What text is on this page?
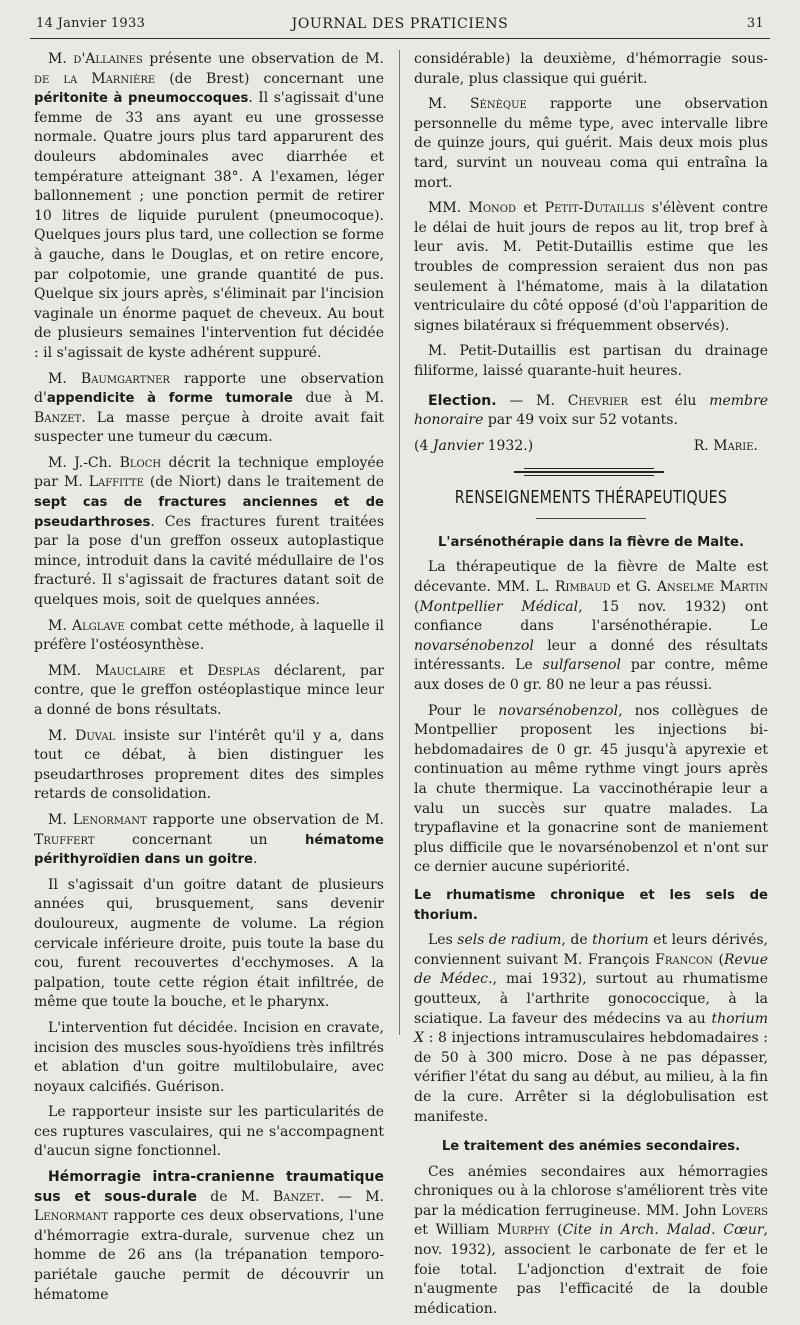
14 Janvier 1933	JOURNAL DES PRATICIENS	31

M. d'Allaines présente une observation de M. de la Marnière (de Brest) concernant une péritonite à pneumoccoques. Il s'agissait d'une femme de 33 ans ayant eu une grossesse normale. Quatre jours plus tard apparurent des douleurs abdominales avec diarrhée et température atteignant 38°. A l'examen, léger ballonnement ; une ponction permit de retirer 10 litres de liquide purulent (pneumocoque). Quelques jours plus tard, une collection se forme à gauche, dans le Douglas, et on retire encore, par colpotomie, une grande quantité de pus. Quelque six jours après, s'éliminait par l'incision vaginale un énorme paquet de cheveux. Au bout de plusieurs semaines l'intervention fut décidée : il s'agissait de kyste adhérent suppuré.

M. Baumgartner rapporte une observation d'appendicite à forme tumorale due à M. Banzet. La masse perçue à droite avait fait suspecter une tumeur du cæcum.

M. J.-Ch. Bloch décrit la technique employée par M. Laffitte (de Niort) dans le traitement de sept cas de fractures anciennes et de pseudarthroses. Ces fractures furent traitées par la pose d'un greffon osseux autoplastique mince, introduit dans la cavité médullaire de l'os fracturé. Il s'agissait de fractures datant soit de quelques mois, soit de quelques années.

M. Alglave combat cette méthode, à laquelle il préfère l'ostéosynthèse.

MM. Mauclaire et Desplas déclarent, par contre, que le greffon ostéoplastique mince leur a donné de bons résultats.

M. Duval insiste sur l'intérêt qu'il y a, dans tout ce débat, à bien distinguer les pseudarthroses proprement dites des simples retards de consolidation.

M. Lenormant rapporte une observation de M. Truffert concernant un hématome périthyroïdien dans un goitre.

Il s'agissait d'un goitre datant de plusieurs années qui, brusquement, sans devenir douloureux, augmente de volume. La région cervicale inférieure droite, puis toute la base du cou, furent recouvertes d'ecchymoses. A la palpation, toute cette région était infiltrée, de même que toute la bouche, et le pharynx.

L'intervention fut décidée. Incision en cravate, incision des muscles sous-hyoïdiens très infiltrés et ablation d'un goitre multilobulaire, avec noyaux calcifiés. Guérison.

Le rapporteur insiste sur les particularités de ces ruptures vasculaires, qui ne s'accompagnent d'aucun signe fonctionnel.

Hémorragie intra-cranienne traumatique sus et sous-durale de M. Banzet. — M. Lenormant rapporte ces deux observations, l'une d'hémorragie extra-durale, survenue chez un homme de 26 ans (la trépanation temporo-pariétale gauche permit de découvrir un hématome

considérable) la deuxième, d'hémorragie sous-durale, plus classique qui guérit.

M. Sénèque rapporte une observation personnelle du même type, avec intervalle libre de quinze jours, qui guérit. Mais deux mois plus tard, survint un nouveau coma qui entraîna la mort.

MM. Monod et Petit-Dutaillis s'élèvent contre le délai de huit jours de repos au lit, trop bref à leur avis. M. Petit-Dutaillis estime que les troubles de compression seraient dus non pas seulement à l'hématome, mais à la dilatation ventriculaire du côté opposé (d'où l'apparition de signes bilatéraux si fréquemment observés).

M. Petit-Dutaillis est partisan du drainage filiforme, laissé quarante-huit heures.

Election. — M. Chevrier est élu membre honoraire par 49 voix sur 52 votants.

(4 Janvier 1932.)	R. Marie.

RENSEIGNEMENTS THÉRAPEUTIQUES

L'arsénothérapie dans la fièvre de Malte.

La thérapeutique de la fièvre de Malte est décevante. MM. L. Rimbaud et G. Anselme Martin (Montpellier Médical, 15 nov. 1932) ont confiance dans l'arsénothérapie. Le novarsénobenzol leur a donné des résultats intéressants. Le sulfarsenol par contre, même aux doses de 0 gr. 80 ne leur a pas réussi.

Pour le novarsénobenzol, nos collègues de Montpellier proposent les injections bi-hebdomadaires de 0 gr. 45 jusqu'à apyrexie et continuation au même rythme vingt jours après la chute thermique. La vaccinothérapie leur a valu un succès sur quatre malades. La trypaflavine et la gonacrine sont de maniement plus difficile que le novarsénobenzol et n'ont sur ce dernier aucune supériorité.

Le rhumatisme chronique et les sels de thorium.

Les sels de radium, de thorium et leurs dérivés, conviennent suivant M. François Francon (Revue de Médec., mai 1932), surtout au rhumatisme goutteux, à l'arthrite gonococcique, à la sciatique. La faveur des médecins va au thorium X : 8 injections intramusculaires hebdomadaires : de 50 à 300 micro. Dose à ne pas dépasser, vérifier l'état du sang au début, au milieu, à la fin de la cure. Arrêter si la déglobulisation est manifeste.

Le traitement des anémies secondaires.

Ces anémies secondaires aux hémorragies chroniques ou à la chlorose s'améliorent très vite par la médication ferrugineuse. MM. John Lovers et William Murphy (Cite in Arch. Malad. Cœur, nov. 1932), associent le carbonate de fer et le foie total. L'adjonction d'extrait de foie n'augmente pas l'efficacité de la double médication.
